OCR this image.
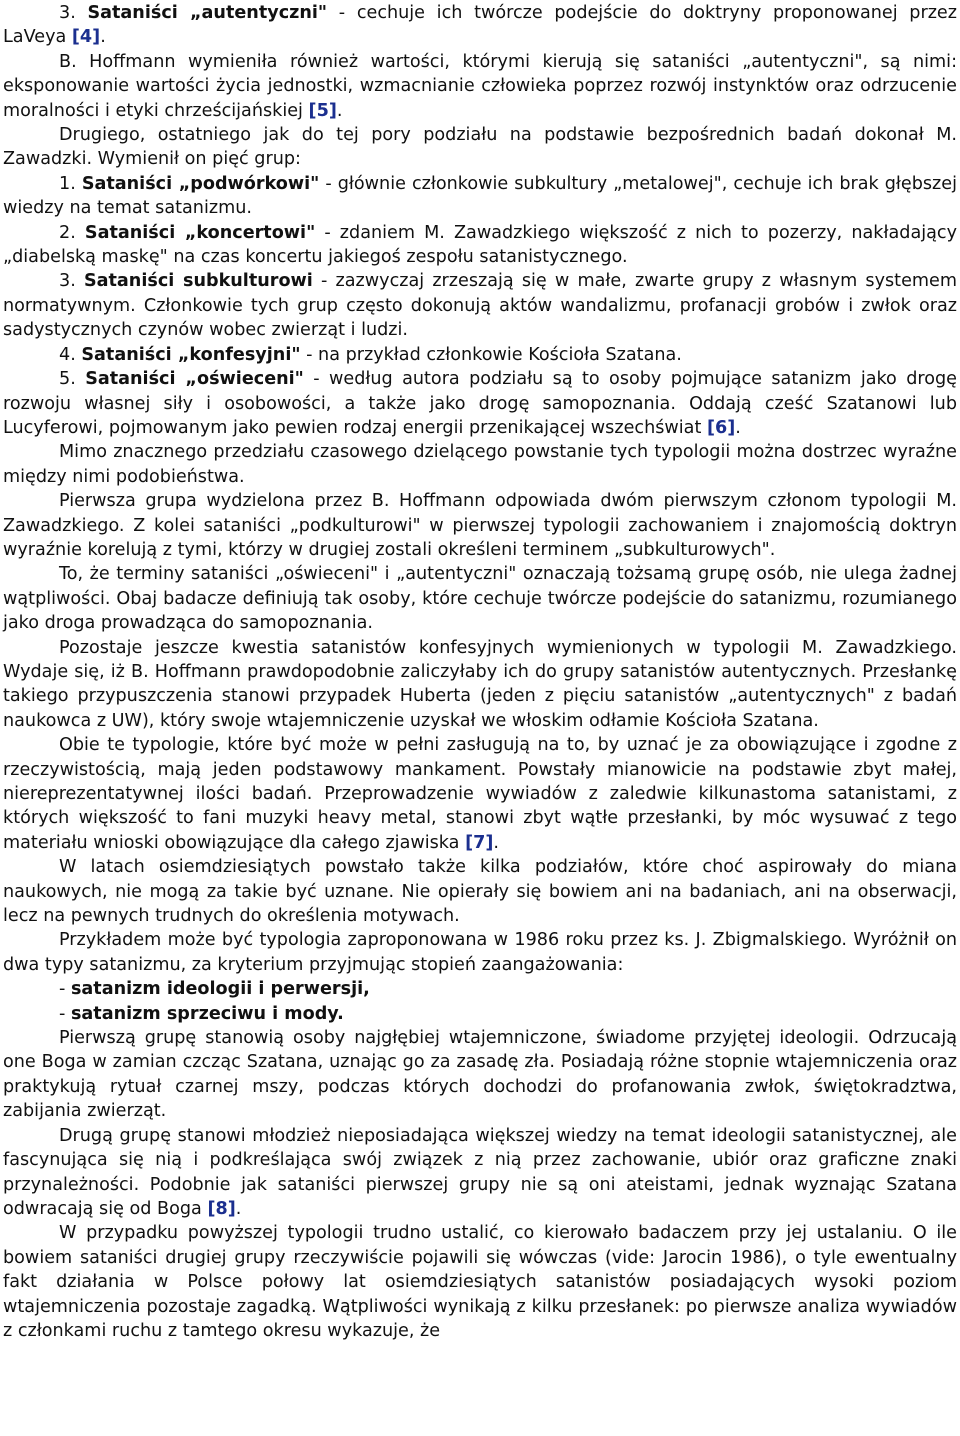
3. Sataniści „autentyczni" - cechuje ich twórcze podejście do doktryny proponowanej przez LaVeya [4].

B. Hoffmann wymieniła również wartości, którymi kierują się sataniści „autentyczni", są nimi: eksponowanie wartości życia jednostki, wzmacnianie człowieka poprzez rozwój instynktów oraz odrzucenie moralności i etyki chrześcijańskiej [5].

Drugiego, ostatniego jak do tej pory podziału na podstawie bezpośrednich badań dokonał M. Zawadzki. Wymienił on pięć grup:

1. Sataniści „podwórkowi" - głównie członkowie subkultury „metalowej", cechuje ich brak głębszej wiedzy na temat satanizmu.

2. Sataniści „koncertowi" - zdaniem M. Zawadzkiego większość z nich to pozerzy, nakładający „diabelską maskę" na czas koncertu jakiegoś zespołu satanistycznego.

3. Sataniści subkulturowi - zazwyczaj zrzeszają się w małe, zwarte grupy z własnym systemem normatywnym. Członkowie tych grup często dokonują aktów wandalizmu, profanacji grobów i zwłok oraz sadystycznych czynów wobec zwierząt i ludzi.

4. Sataniści „konfesyjni" - na przykład członkowie Kościoła Szatana.

5. Sataniści „oświeceni" - według autora podziału są to osoby pojmujące satanizm jako drogę rozwoju własnej siły i osobowości, a także jako drogę samopoznania. Oddają cześć Szatanowi lub Lucyferowi, pojmowanym jako pewien rodzaj energii przenikającej wszechświat [6].

Mimo znacznego przedziału czasowego dzielącego powstanie tych typologii można dostrzec wyraźne między nimi podobieństwa.

Pierwsza grupa wydzielona przez B. Hoffmann odpowiada dwóm pierwszym członom typologii M. Zawadzkiego. Z kolei sataniści „podkulturowi" w pierwszej typologii zachowaniem i znajomością doktryn wyraźnie korelują z tymi, którzy w drugiej zostali określeni terminem „subkulturowych".

To, że terminy sataniści „oświeceni" i „autentyczni" oznaczają tożsamą grupę osób, nie ulega żadnej wątpliwości. Obaj badacze definiują tak osoby, które cechuje twórcze podejście do satanizmu, rozumianego jako droga prowadząca do samopoznania.

Pozostaje jeszcze kwestia satanistów konfesyjnych wymienionych w typologii M. Zawadzkiego. Wydaje się, iż B. Hoffmann prawdopodobnie zaliczyłaby ich do grupy satanistów autentycznych. Przesłankę takiego przypuszczenia stanowi przypadek Huberta (jeden z pięciu satanistów „autentycznych" z badań naukowca z UW), który swoje wtajemniczenie uzyskał we włoskim odłamie Kościoła Szatana.

Obie te typologie, które być może w pełni zasługują na to, by uznać je za obowiązujące i zgodne z rzeczywistością, mają jeden podstawowy mankament. Powstały mianowicie na podstawie zbyt małej, niereprezentatywnej ilości badań. Przeprowadzenie wywiadów z zaledwie kilkunastoma satanistami, z których większość to fani muzyki heavy metal, stanowi zbyt wątłe przesłanki, by móc wysuwać z tego materiału wnioski obowiązujące dla całego zjawiska [7].

W latach osiemdziesiątych powstało także kilka podziałów, które choć aspirowały do miana naukowych, nie mogą za takie być uznane. Nie opierały się bowiem ani na badaniach, ani na obserwacji, lecz na pewnych trudnych do określenia motywach.

Przykładem może być typologia zaproponowana w 1986 roku przez ks. J. Zbigmalskiego. Wyróżnił on dwa typy satanizmu, za kryterium przyjmując stopień zaangażowania:

- satanizm ideologii i perwersji,

- satanizm sprzeciwu i mody.

Pierwszą grupę stanowią osoby najgłębiej wtajemniczone, świadome przyjętej ideologii. Odrzucają one Boga w zamian czcząc Szatana, uznając go za zasadę zła. Posiadają różne stopnie wtajemniczenia oraz praktykują rytuał czarnej mszy, podczas których dochodzi do profanowania zwłok, świętokradztwa, zabijania zwierząt.

Drugą grupę stanowi młodzież nieposiadająca większej wiedzy na temat ideologii satanistycznej, ale fascynująca się nią i podkreślająca swój związek z nią przez zachowanie, ubiór oraz graficzne znaki przynależności. Podobnie jak sataniści pierwszej grupy nie są oni ateistami, jednak wyznając Szatana odwracają się od Boga [8].

W przypadku powyższej typologii trudno ustalić, co kierowało badaczem przy jej ustalaniu. O ile bowiem sataniści drugiej grupy rzeczywiście pojawili się wówczas (vide: Jarocin 1986), o tyle ewentualny fakt działania w Polsce połowy lat osiemdziesiątych satanistów posiadających wysoki poziom wtajemniczenia pozostaje zagadką. Wątpliwości wynikają z kilku przesłanek: po pierwsze analiza wywiadów z członkami ruchu z tamtego okresu wykazuje, że
